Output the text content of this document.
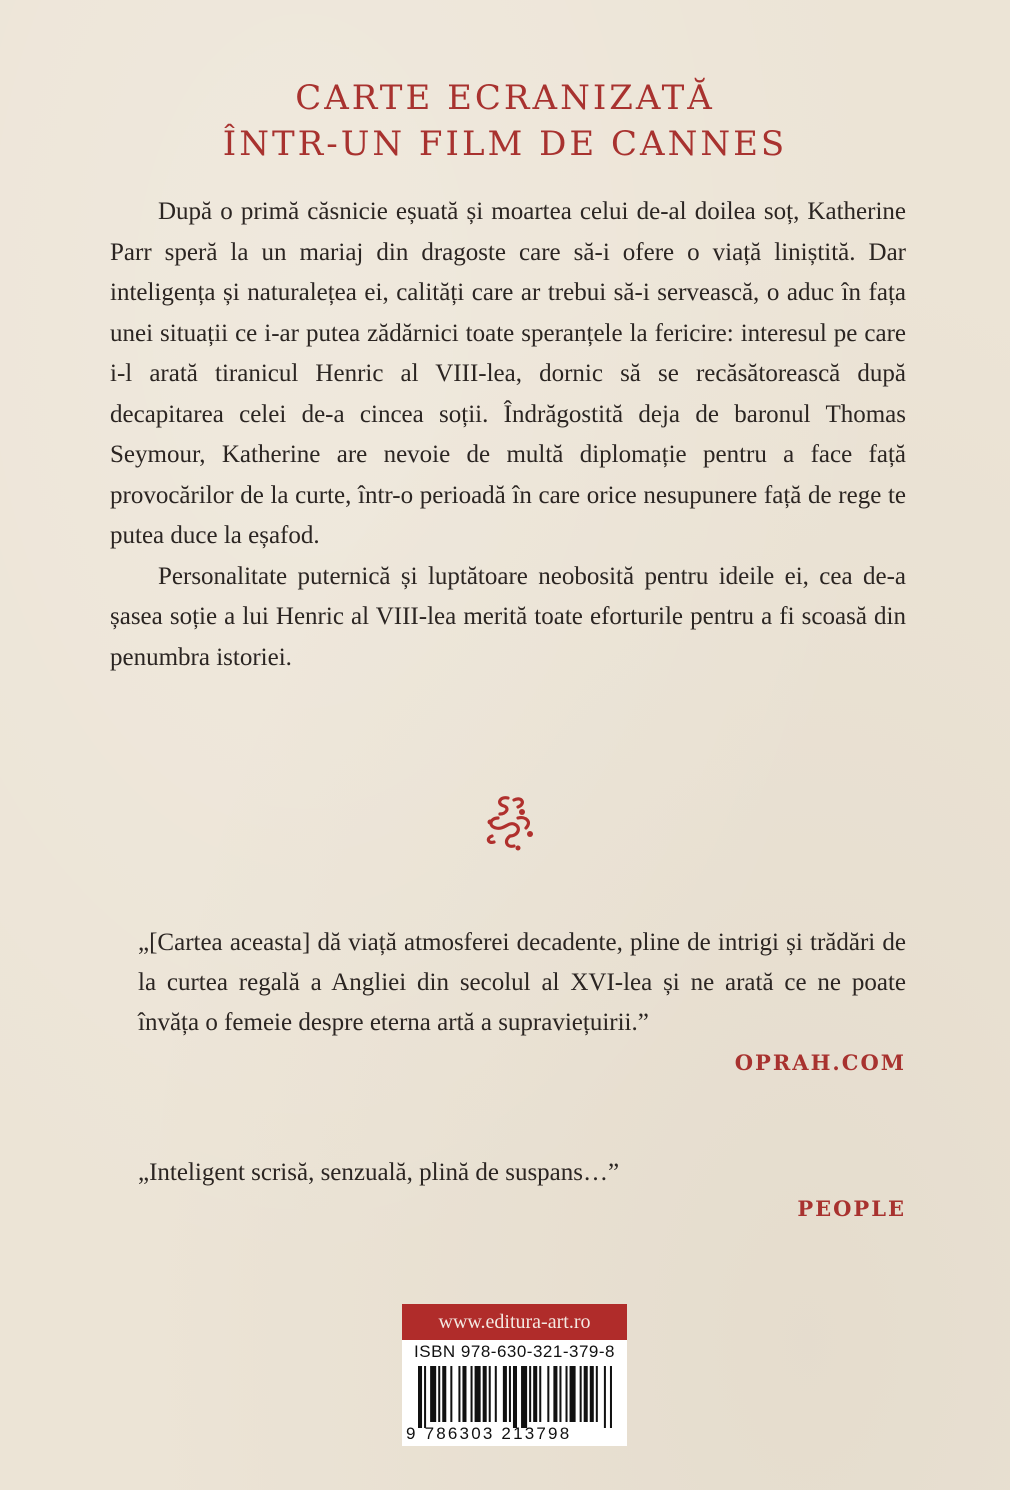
CARTE ECRANIZATĂ
ÎNTR-UN FILM DE CANNES

După o primă căsnicie eșuată și moartea celui de-al doilea soț, Katherine Parr speră la un mariaj din dragoste care să-i ofere o viață liniștită. Dar inteligența și naturalețea ei, calități care ar trebui să-i servească, o aduc în fața unei situații ce i-ar putea zădărnici toate speranțele la fericire: interesul pe care i-l arată tiranicul Henric al VIII-lea, dornic să se recăsătorească după decapitarea celei de-a cincea soții. Îndrăgostită deja de baronul Thomas Seymour, Katherine are nevoie de multă diplomație pentru a face față provocărilor de la curte, într-o perioadă în care orice nesupunere față de rege te putea duce la eșafod.

Personalitate puternică și luptătoare neobosită pentru ideile ei, cea de-a șasea soție a lui Henric al VIII-lea merită toate eforturile pentru a fi scoasă din penumbra istoriei.

„[Cartea aceasta] dă viață atmosferei decadente, pline de intrigi și trădări de la curtea regală a Angliei din secolul al XVI-lea și ne arată ce ne poate învăța o femeie despre eterna artă a supraviețuirii.”
OPRAH.COM
„Inteligent scrisă, senzuală, plină de suspans…”
PEOPLE
www.editura-art.ro
ISBN 978-630-321-379-8
9 786303 213798
